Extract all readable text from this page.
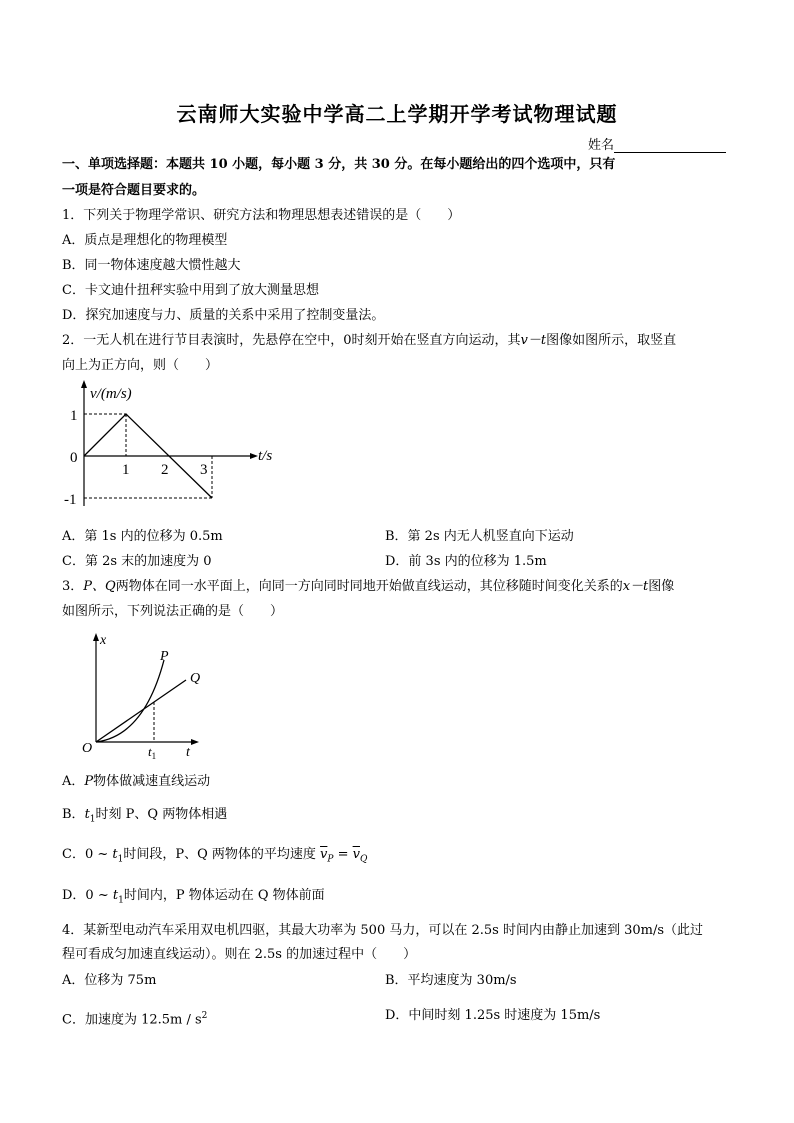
云南师大实验中学高二上学期开学考试物理试题
姓名
一、单项选择题：本题共 10 小题，每小题 3 分，共 30 分。在每小题给出的四个选项中，只有
一项是符合题目要求的。
1．下列关于物理学常识、研究方法和物理思想表述错误的是（　　）
A．质点是理想化的物理模型
B．同一物体速度越大惯性越大
C．卡文迪什扭秤实验中用到了放大测量思想
D．探究加速度与力、质量的关系中采用了控制变量法。
2．一无人机在进行节目表演时，先悬停在空中，0时刻开始在竖直方向运动，其v－t图像如图所示，取竖直
向上为正方向，则（　　）
v/(m/s)
t/s
1
0
-1
1 2 3
A．第 1s 内的位移为 0.5m	B．第 2s 内无人机竖直向下运动
C．第 2s 末的加速度为 0	D．前 3s 内的位移为 1.5m
3．P、Q两物体在同一水平面上，向同一方向同时同地开始做直线运动，其位移随时间变化关系的x－t图像
如图所示，下列说法正确的是（　　）
x
t
O	$t_1$
P
Q
A．P物体做减速直线运动
B．$t_1$时刻 P、Q 两物体相遇
C．0 ~ $t_1$时间段，P、Q 两物体的平均速度 $\overline{v}_P = \overline{v}_Q$
D．0 ~ $t_1$时间内，P 物体运动在 Q 物体前面
4．某新型电动汽车采用双电机四驱，其最大功率为 500 马力，可以在 2.5s 时间内由静止加速到 30m/s（此过
程可看成匀加速直线运动）。则在 2.5s 的加速过程中（　　）
A．位移为 75m	B．平均速度为 30m/s
C．加速度为 $12.5m / s^2$	D．中间时刻 1.25s 时速度为 15m/s
